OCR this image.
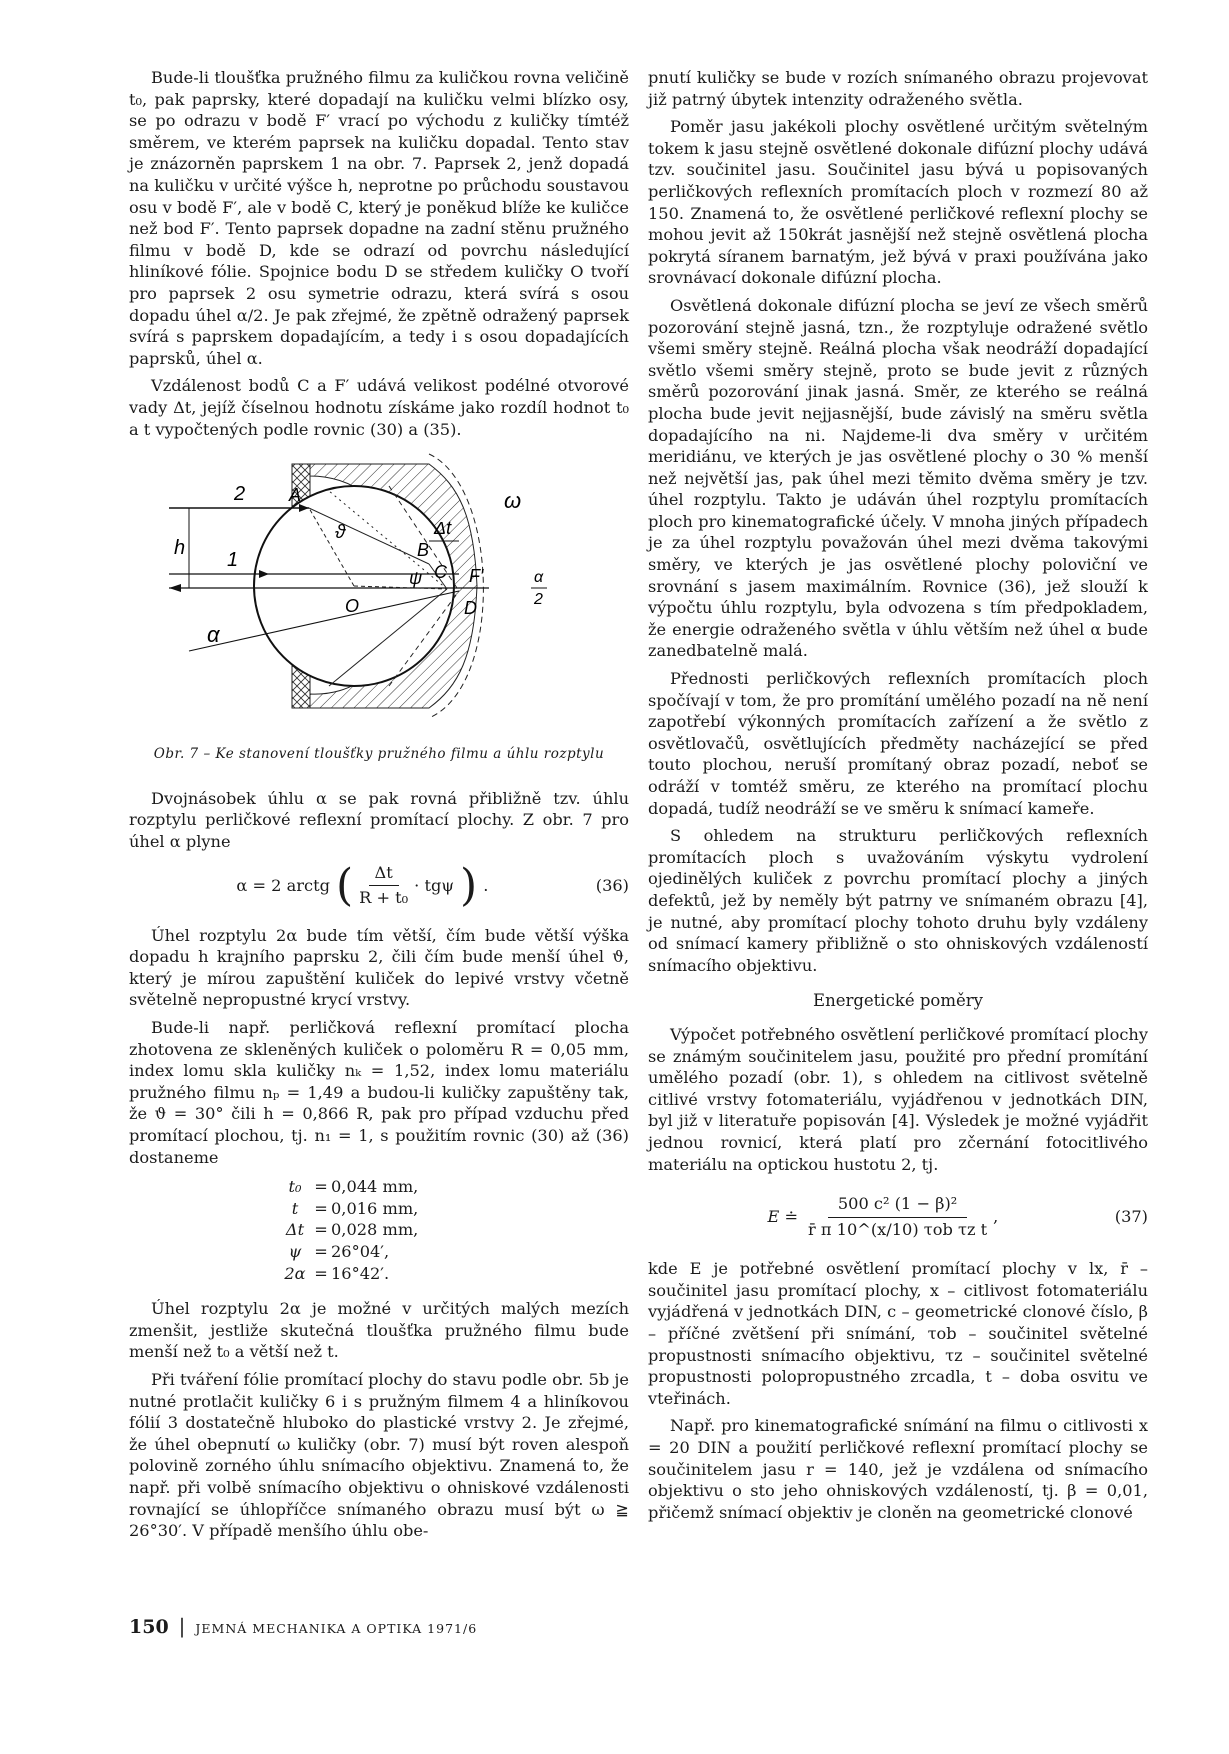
Bude-li tloušťka pružného filmu za kuličkou rovna veličině t₀, pak paprsky, které dopadají na kuličku velmi blízko osy, se po odrazu v bodě F′ vrací po východu z kuličky tímtéž směrem, ve kterém paprsek na kuličku dopadal. Tento stav je znázorněn paprskem 1 na obr. 7. Paprsek 2, jenž dopadá na kuličku v určité výšce h, neprotne po průchodu soustavou osu v bodě F′, ale v bodě C, který je poněkud blíže ke kuličce než bod F′. Tento paprsek dopadne na zadní stěnu pružného filmu v bodě D, kde se odrazí od povrchu následující hliníkové fólie. Spojnice bodu D se středem kuličky O tvoří pro paprsek 2 osu symetrie odrazu, která svírá s osou dopadu úhel α/2. Je pak zřejmé, že zpětně odražený paprsek svírá s paprskem dopadajícím, a tedy i s osou dopadajících paprsků, úhel α.

Vzdálenost bodů C a F′ udává velikost podélné otvorové vady Δt, jejíž číselnou hodnotu získáme jako rozdíl hodnot t₀ a t vypočtených podle rovnic (30) a (35).

2 A
h
1
ϑ
B
ψ C
O	D
F′
Δt
ω
α
α
2
Obr. 7 – Ke stanovení tloušťky pružného filmu a úhlu rozptylu

Dvojnásobek úhlu α se pak rovná přibližně tzv. úhlu rozptylu perličkové reflexní promítací plochy. Z obr. 7 pro úhel α plyne

α = 2 arctg ( $\frac{\Delta t}{\text{R + t₀}} \cdot tg\psi$ ) .	(36)

Úhel rozptylu 2α bude tím větší, čím bude větší výška dopadu h krajního paprsku 2, čili čím bude menší úhel ϑ, který je mírou zapuštění kuliček do lepivé vrstvy včetně světelně nepropustné krycí vrstvy.

Bude-li např. perličková reflexní promítací plocha zhotovena ze skleněných kuliček o poloměru R = 0,05 mm, index lomu skla kuličky nₖ = 1,52, index lomu materiálu pružného filmu nₚ = 1,49 a budou-li kuličky zapuštěny tak, že ϑ = 30° čili h = 0,866 R, pak pro případ vzduchu před promítací plochou, tj. n₁ = 1, s použitím rovnic (30) až (36) dostaneme

t₀ = 0,044 mm,
t = 0,016 mm,
Δt = 0,028 mm,
ψ = 26°04′,
2α = 16°42′.

Úhel rozptylu 2α je možné v určitých malých mezích zmenšit, jestliže skutečná tloušťka pružného filmu bude menší než t₀ a větší než t.

Při tváření fólie promítací plochy do stavu podle obr. 5b je nutné protlačit kuličky 6 i s pružným filmem 4 a hliníkovou fólií 3 dostatečně hluboko do plastické vrstvy 2. Je zřejmé, že úhel obepnutí ω kuličky (obr. 7) musí být roven alespoň polovině zorného úhlu snímacího objektivu. Znamená to, že např. při volbě snímacího objektivu o ohniskové vzdálenosti rovnající se úhlopříčce snímaného obrazu musí být ω ≧ 26°30′. V případě menšího úhlu obe-

pnutí kuličky se bude v rozích snímaného obrazu projevovat již patrný úbytek intenzity odraženého světla.

Poměr jasu jakékoli plochy osvětlené určitým světelným tokem k jasu stejně osvětlené dokonale difúzní plochy udává tzv. součinitel jasu. Součinitel jasu bývá u popisovaných perličkových reflexních promítacích ploch v rozmezí 80 až 150. Znamená to, že osvětlené perličkové reflexní plochy se mohou jevit až 150krát jasnější než stejně osvětlená plocha pokrytá síranem barnatým, jež bývá v praxi používána jako srovnávací dokonale difúzní plocha.

Osvětlená dokonale difúzní plocha se jeví ze všech směrů pozorování stejně jasná, tzn., že rozptyluje odražené světlo všemi směry stejně. Reálná plocha však neodráží dopadající světlo všemi směry stejně, proto se bude jevit z různých směrů pozorování jinak jasná. Směr, ze kterého se reálná plocha bude jevit nejjasnější, bude závislý na směru světla dopadajícího na ni. Najdeme-li dva směry v určitém meridiánu, ve kterých je jas osvětlené plochy o 30 % menší než největší jas, pak úhel mezi těmito dvěma směry je tzv. úhel rozptylu. Takto je udáván úhel rozptylu promítacích ploch pro kinematografické účely. V mnoha jiných případech je za úhel rozptylu považován úhel mezi dvěma takovými směry, ve kterých je jas osvětlené plochy poloviční ve srovnání s jasem maximálním. Rovnice (36), jež slouží k výpočtu úhlu rozptylu, byla odvozena s tím předpokladem, že energie odraženého světla v úhlu větším než úhel α bude zanedbatelně malá.

Přednosti perličkových reflexních promítacích ploch spočívají v tom, že pro promítání umělého pozadí na ně není zapotřebí výkonných promítacích zařízení a že světlo z osvětlovačů, osvětlujících předměty nacházející se před touto plochou, neruší promítaný obraz pozadí, neboť se odráží v tomtéž směru, ze kterého na promítací plochu dopadá, tudíž neodráží se ve směru k snímací kameře.

S ohledem na strukturu perličkových reflexních promítacích ploch s uvažováním výskytu vydrolení ojedinělých kuliček z povrchu promítací plochy a jiných defektů, jež by neměly být patrny ve snímaném obrazu [4], je nutné, aby promítací plochy tohoto druhu byly vzdáleny od snímací kamery přibližně o sto ohniskových vzdáleností snímacího objektivu.

Energetické poměry

Výpočet potřebného osvětlení perličkové promítací plochy se známým součinitelem jasu, použité pro přední promítání umělého pozadí (obr. 1), s ohledem na citlivost světelně citlivé vrstvy fotomateriálu, vyjádřenou v jednotkách DIN, byl již v literatuře popisován [4]. Výsledek je možné vyjádřit jednou rovnicí, která platí pro zčernání fotocitlivého materiálu na optickou hustotu 2, tj.

E ≐ $\frac{\text{500 c² (1 − β)²}}{\text{r̄ π 10\textasciicircum{}(x/10) τob τz t}}$ ,	(37)

kde E je potřebné osvětlení promítací plochy v lx, r̄ – součinitel jasu promítací plochy, x – citlivost fotomateriálu vyjádřená v jednotkách DIN, c – geometrické clonové číslo, β – příčné zvětšení při snímání, τob – součinitel světelné propustnosti snímacího objektivu, τz – součinitel světelné propustnosti polopropustného zrcadla, t – doba osvitu ve vteřinách.

Např. pro kinematografické snímání na filmu o citlivosti x = 20 DIN a použití perličkové reflexní promítací plochy se součinitelem jasu r = 140, jež je vzdálena od snímacího objektivu o sto jeho ohniskových vzdáleností, tj. β = 0,01, přičemž snímací objektiv je cloněn na geometrické clonové

150 | JEMNÁ MECHANIKA A OPTIKA 1971/6
